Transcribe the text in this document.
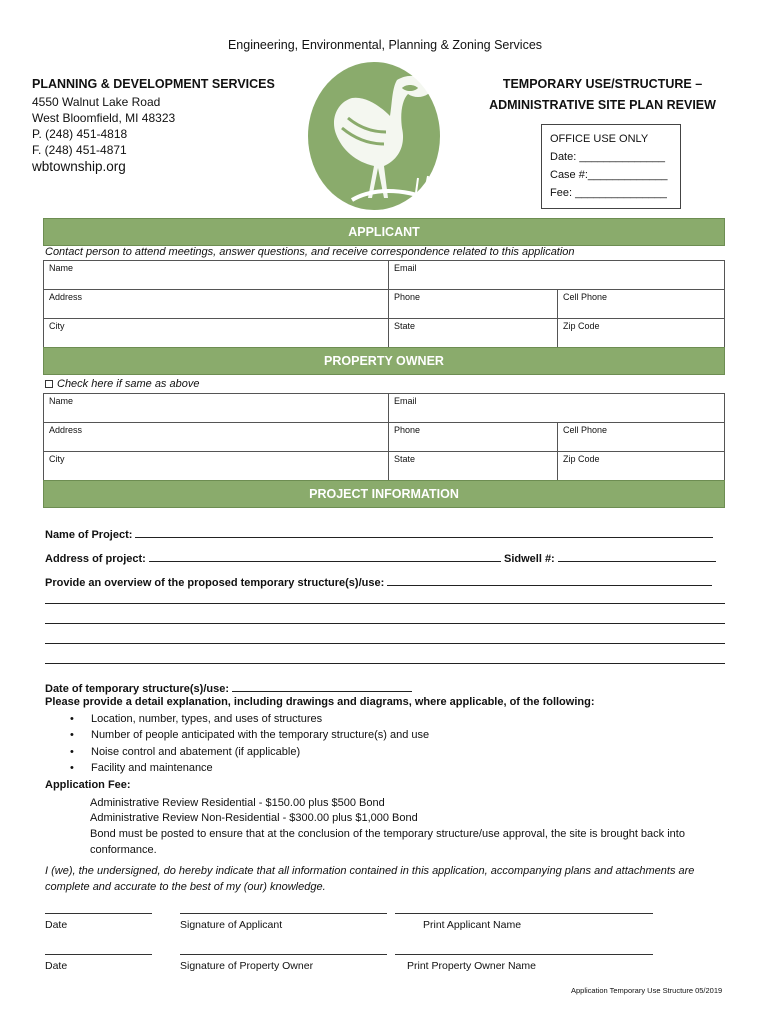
Engineering, Environmental, Planning & Zoning Services
PLANNING & DEVELOPMENT SERVICES
4550 Walnut Lake Road
West Bloomfield, MI 48323
P. (248) 451-4818
F. (248) 451-4871
wbtownship.org
TEMPORARY USE/STRUCTURE –
ADMINISTRATIVE SITE PLAN REVIEW
OFFICE USE ONLY
Date: ______________
Case #:_____________
Fee: _______________
APPLICANT
Contact person to attend meetings, answer questions, and receive correspondence related to this application
Name	Email	
Address	Phone	Cell Phone
City	State	Zip Code
PROPERTY OWNER
Check here if same as above
Name	Email	
Address	Phone	Cell Phone
City	State	Zip Code
PROJECT INFORMATION
Name of Project:
Address of project:	Sidwell #:
Provide an overview of the proposed temporary structure(s)/use:
Date of temporary structure(s)/use:
Please provide a detail explanation, including drawings and diagrams, where applicable, of the following:
• Location, number, types, and uses of structures
• Number of people anticipated with the temporary structure(s) and use
• Noise control and abatement (if applicable)
• Facility and maintenance
Application Fee:
Administrative Review Residential - $150.00 plus $500 Bond
Administrative Review Non-Residential - $300.00 plus $1,000 Bond
Bond must be posted to ensure that at the conclusion of the temporary structure/use approval, the site is brought back into
conformance.
I (we), the undersigned, do hereby indicate that all information contained in this application, accompanying plans and attachments are complete and accurate to the best of my (our) knowledge.
Date	Signature of Applicant	Print Applicant Name
Date	Signature of Property Owner	Print Property Owner Name
Application Temporary Use Structure 05/2019
